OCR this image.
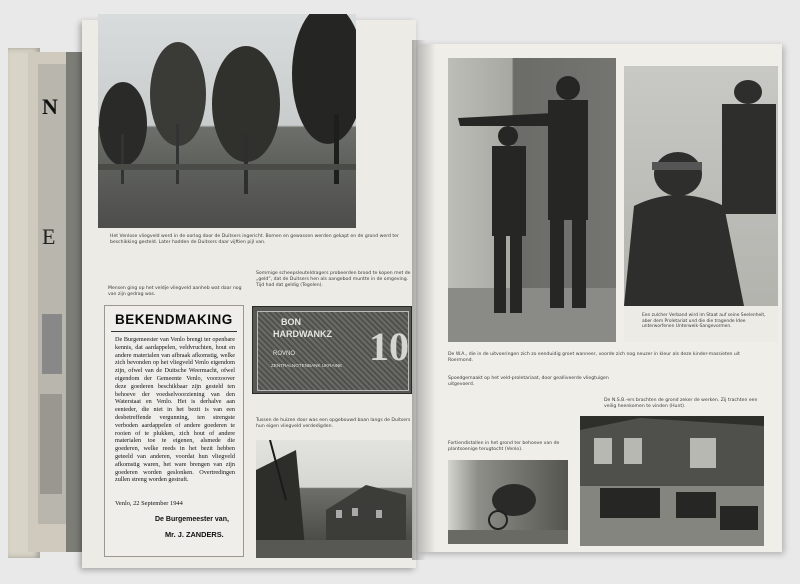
N
E	Het Venlose vliegveld werd in de oorlog door de Duitsers ingericht. Bomen en gewassen werden gekapt en de grond werd ter beschikking gesteld. Later hadden de Duitsers daar vijftien pijl van.
Mensen ging op het veldje vliegveld aanheb wat daar nog van zijn gedrag was.
Sommige scheepsleuteldragers probeerden brood te kopen met de „geld“, dat de Duitsers hen als aangebod muntte in de omgeving. Tijd had dat geldig (Tegelen).
BEKENDMAKING
De Burgemeester van Venlo brengt ter openbare kennis, dat aardappelen, veldvruchten, hout en andere materialen van afbraak afkomstig, welke zich bevonden op het vliegveld Venlo eigendom zijn, ofwel van de Duitsche Weermacht, ofwel eigendom der Gemeente Venlo, voorzoover deze goederen beschikbaar zijn gesteld ten behoeve der voedselvoorziening van den Waterstaat en Venlo. Het is derhalve aan eenieder, die niet in het bezit is van een desbetreffende vergunning, ten strengste verboden aardappelen of andere goederen te rooien of te plukken, zich hout of andere materialen toe te eigenen, alsmede die goederen, welke reeds in het bezit hebben geteeld van anderen, voordat hun vliegveld afkomstig waren, het ware brengen van zijn goederen worden geslonken. Overtredingen zullen streng worden gestraft.
Venlo, 22 September 1944
De Burgemeester van,
Mr. J. ZANDERS.
BON
HARDWANKZ
ROVNO
ZENTRALNOTENBANK UKRAINE 10
Tussen de huizen door was een opgebouwd baan langs de Duitsers hun eigen vliegveld verdedigden.
Een zulcher Verband wird im Staat auf seine Seelenheit, aber dem Proletariat und die die tragende Idee unterworfenen Unterweik-Sangevormen.
De W.A., die in de uitvoeringen zich zo eenduidig groet wanneer, voorde zich nog neuzer in kleur als deze kinder-massieten uit Roermond.
Spoedgemaakt op het veld-proletariaat, door gealliveerde vliegtuigen uitgevoerd.
De N.S.B.-ers brachten de grond zeker de werken. Zij trachten een veilig heenkomen te vinden (Hunt).
Fortiendistallen in het grond ter behoeve van de plantsoenige terugtocht (Venlo).
